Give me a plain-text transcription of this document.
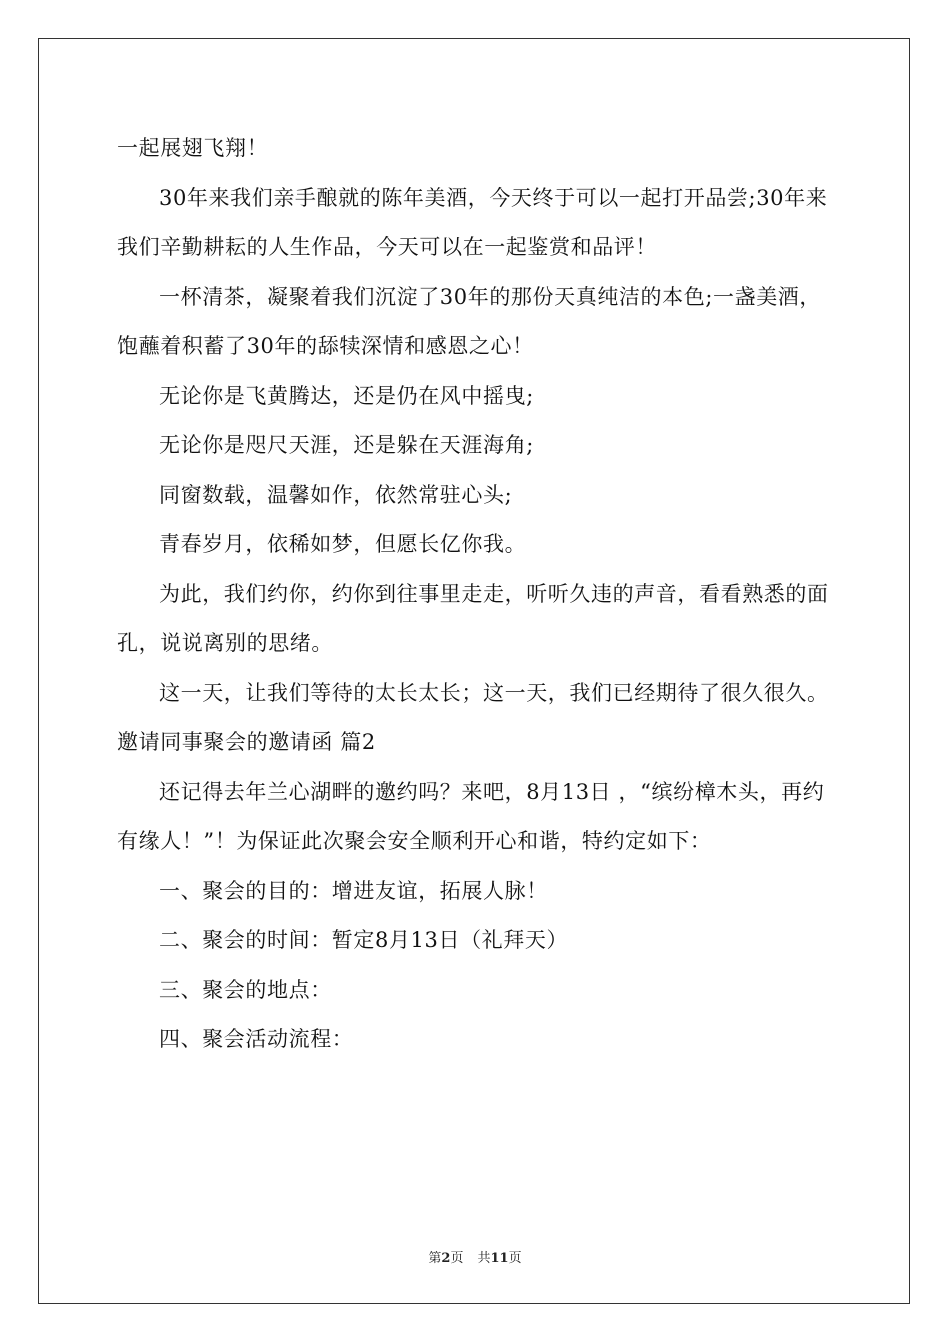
一起展翅飞翔！

30年来我们亲手酿就的陈年美酒，今天终于可以一起打开品尝;30年来我们辛勤耕耘的人生作品，今天可以在一起鉴赏和品评！

一杯清茶，凝聚着我们沉淀了30年的那份天真纯洁的本色;一盏美酒，饱蘸着积蓄了30年的舔犊深情和感恩之心！

无论你是飞黄腾达，还是仍在风中摇曳;

无论你是咫尺天涯，还是躲在天涯海角;

同窗数载，温馨如作，依然常驻心头;

青春岁月，依稀如梦，但愿长亿你我。

为此，我们约你，约你到往事里走走，听听久违的声音，看看熟悉的面孔，说说离别的思绪。

这一天，让我们等待的太长太长；这一天，我们已经期待了很久很久。

邀请同事聚会的邀请函 篇2

还记得去年兰心湖畔的邀约吗？来吧，8月13日 ，“缤纷樟木头，再约有缘人！”！为保证此次聚会安全顺利开心和谐，特约定如下：

一、聚会的目的：增进友谊，拓展人脉！

二、聚会的时间：暂定8月13日（礼拜天）

三、聚会的地点：

四、聚会活动流程：

第2页 共11页
